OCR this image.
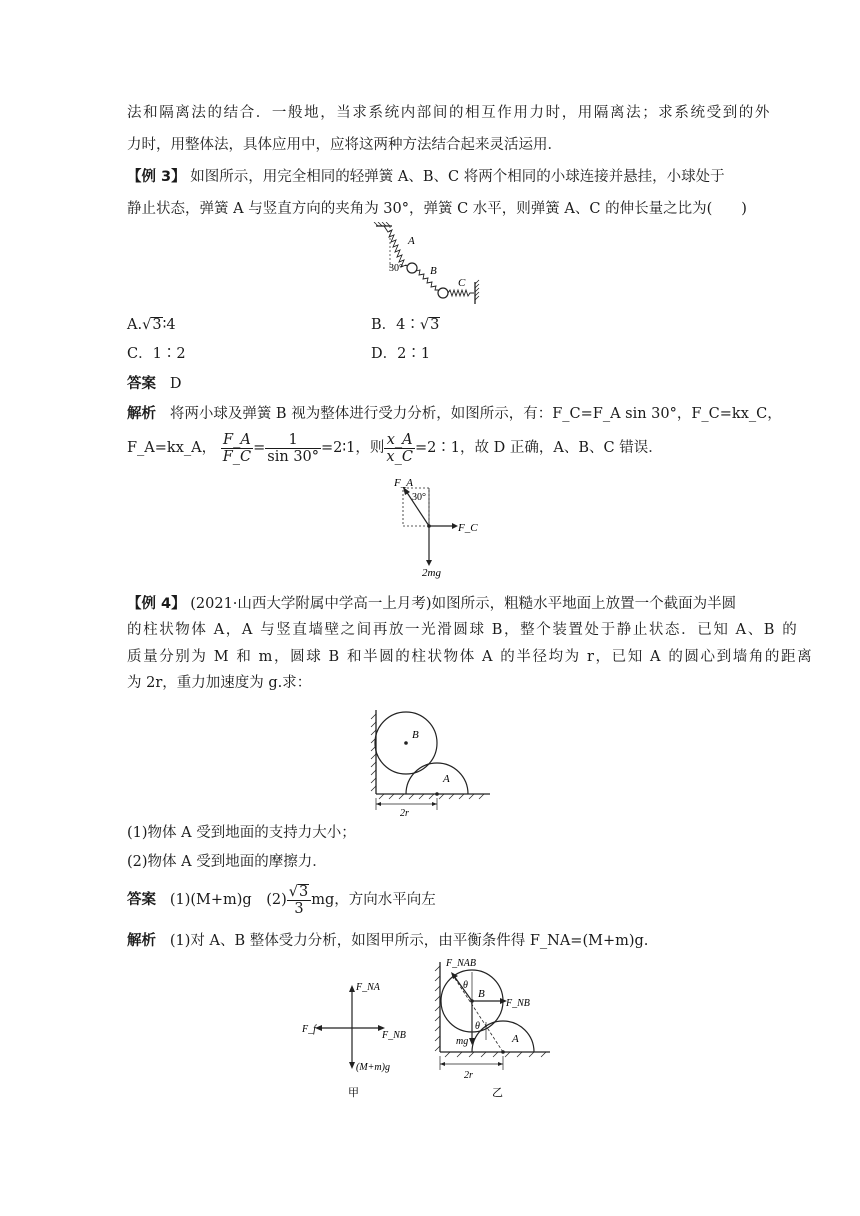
法和隔离法的结合．一般地，当求系统内部间的相互作用力时，用隔离法；求系统受到的外
力时，用整体法，具体应用中，应将这两种方法结合起来灵活运用．
【例 3】 如图所示，用完全相同的轻弹簧 A、B、C 将两个相同的小球连接并悬挂，小球处于
静止状态，弹簧 A 与竖直方向的夹角为 30°，弹簧 C 水平，则弹簧 A、C 的伸长量之比为(　　)
A
30° B
C
A.√3∶4	B．4∶√3
C．1∶2	D．2∶1
答案 D
解析 将两小球及弹簧 B 视为整体进行受力分析，如图所示，有：F_C=F_A sin 30°，F_C=kx_C，
F_A=kx_A， $\frac{F\_A}{F\_C} = \frac{1}{\sin 30^\circ}$ =2∶1，则 $\frac{x\_A}{x\_C}$ =2∶1，故 D 正确，A、B、C 错误．
F_A
30°
F_C
2mg
【例 4】 (2021·山西大学附属中学高一上月考)如图所示，粗糙水平地面上放置一个截面为半圆
的柱状物体 A，A 与竖直墙壁之间再放一光滑圆球 B，整个装置处于静止状态．已知 A、B 的
质量分别为 M 和 m，圆球 B 和半圆的柱状物体 A 的半径均为 r，已知 A 的圆心到墙角的距离
为 2r，重力加速度为 g.求：
B
A
2r
(1)物体 A 受到地面的支持力大小；
(2)物体 A 受到地面的摩擦力．
答案 (1)(M+m)g　$(2) \frac{√3}{3}$ mg，方向水平向左
解析 (1)对 A、B 整体受力分析，如图甲所示，由平衡条件得 F_NA=(M+m)g.
F_NA
F_f
F_NB
(M+m)g
甲
F_NAB
θ
B
F_NB
θ
mg	A
2r
乙
